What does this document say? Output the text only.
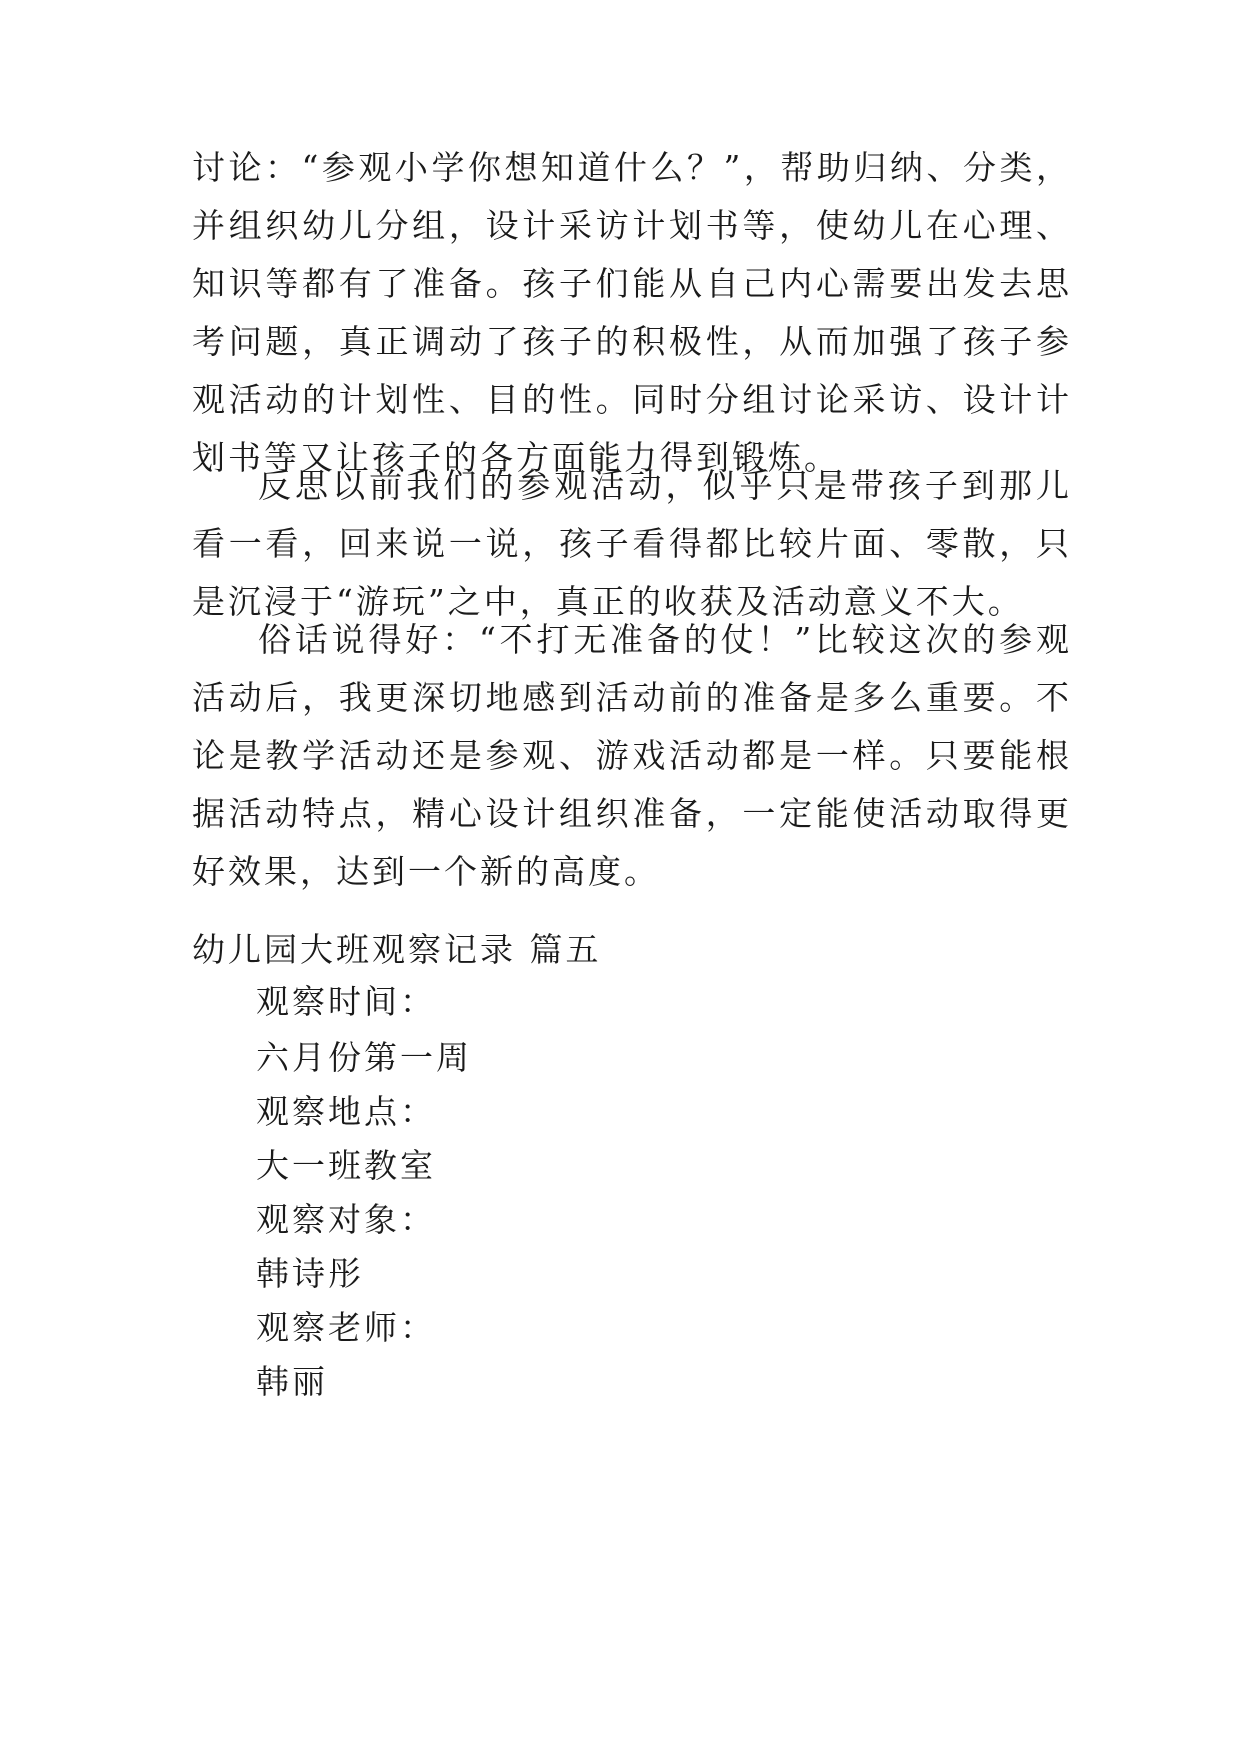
讨论：“参观小学你想知道什么？”，帮助归纳、分类，并组织幼儿分组，设计采访计划书等，使幼儿在心理、知识等都有了准备。孩子们能从自己内心需要出发去思考问题，真正调动了孩子的积极性，从而加强了孩子参观活动的计划性、目的性。同时分组讨论采访、设计计划书等又让孩子的各方面能力得到锻炼。

反思以前我们的参观活动，似乎只是带孩子到那儿看一看，回来说一说，孩子看得都比较片面、零散，只是沉浸于“游玩”之中，真正的收获及活动意义不大。

俗话说得好：“不打无准备的仗！”比较这次的参观活动后，我更深切地感到活动前的准备是多么重要。不论是教学活动还是参观、游戏活动都是一样。只要能根据活动特点，精心设计组织准备，一定能使活动取得更好效果，达到一个新的高度。

幼儿园大班观察记录 篇五
观察时间：
六月份第一周
观察地点：
大一班教室
观察对象：
韩诗彤
观察老师：
韩丽
